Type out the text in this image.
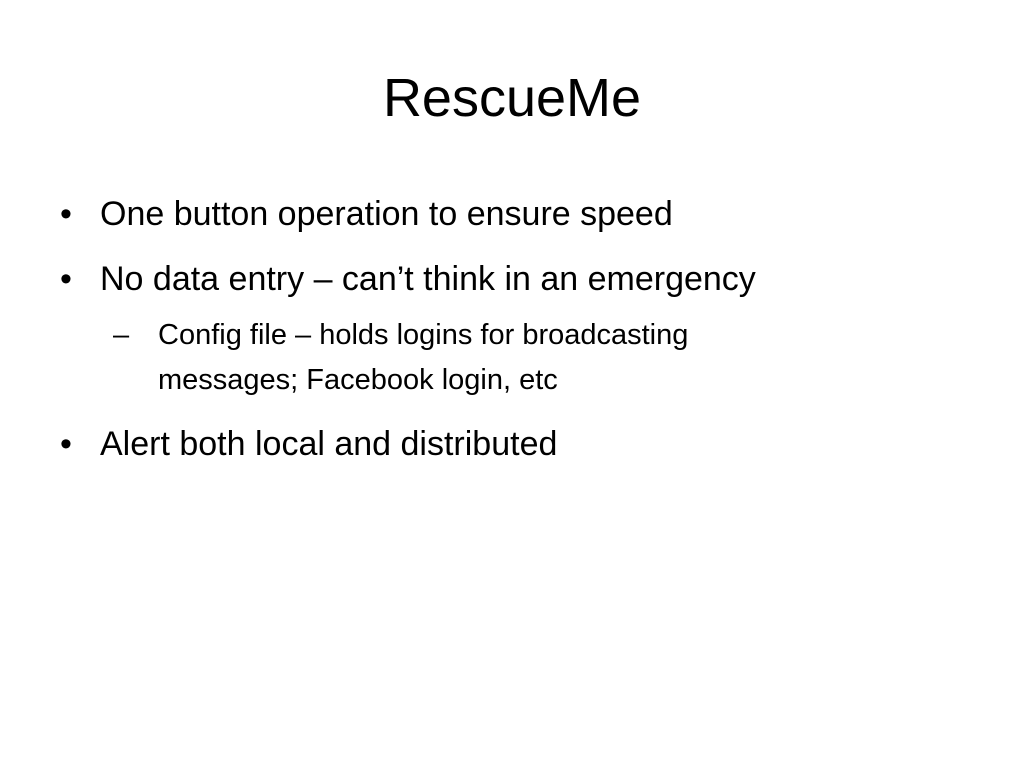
RescueMe
• One button operation to ensure speed
• No data entry – can’t think in an emergency
– Config file – holds logins for broadcasting messages; Facebook login, etc
• Alert both local and distributed
